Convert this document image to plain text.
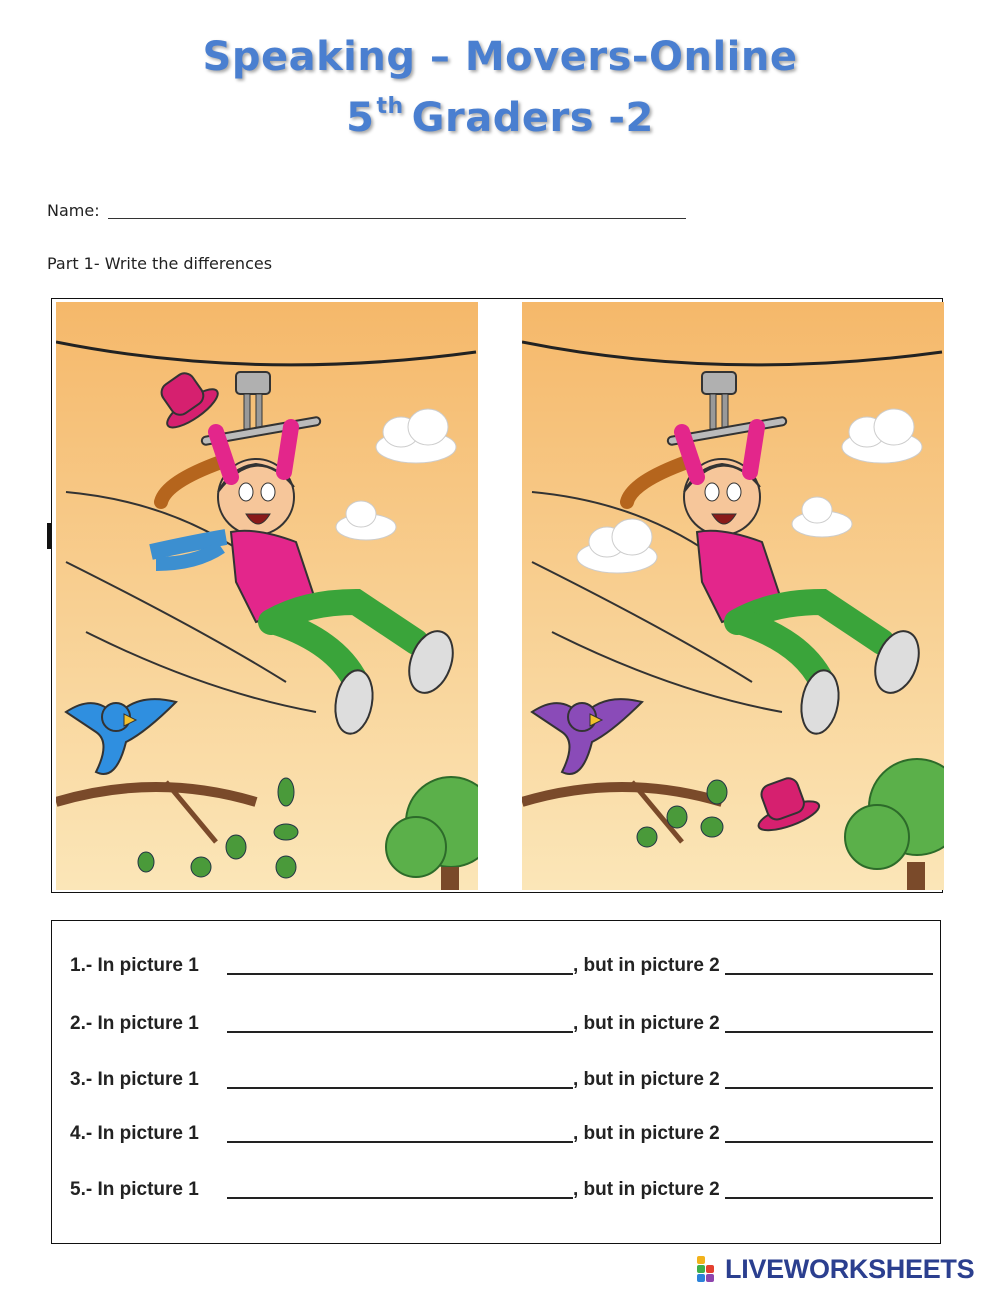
Speaking – Movers-Online
5th Graders -2
Name:
Part 1- Write the differences
1.- In picture 1	, but in picture 2
2.- In picture 1	, but in picture 2
3.- In picture 1	, but in picture 2
4.- In picture 1	, but in picture 2
5.- In picture 1	, but in picture 2
LIVEWORKSHEETS
